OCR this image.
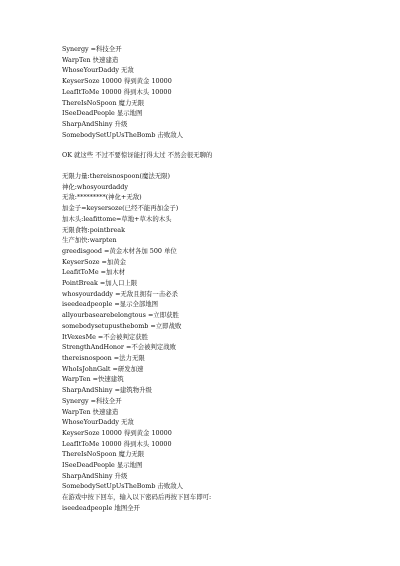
Synergy =科技全开
WarpTen 快速建造
WhoseYourDaddy 无敌
KeyserSoze 10000 得到黄金 10000
LeafItToMe 10000 得到木头 10000
ThereIsNoSpoon 魔力无限
ISeeDeadPeople 显示地图
SharpAndShiny 升级
SomebodySetUpUsTheBomb 击败敌人
OK 就这些 不过不要惊讶能打得太过 不然会很无聊的
无限力量:thereisnospoon(魔法无限)
神化:whosyourdaddy
无敌:*********(神化+无敌)
加金子=keysersoze(已经不能再加金子)
加木头:leafittome=草地+草木的木头
无限食物:pointbreak
生产加快:warpten
greedisgood =黄金木材各加 500 单位
KeyserSoze =加黄金
LeafitToMe =加木材
PointBreak =加人口上限
whosyourdaddy =无敌且拥有一击必杀
iseedeadpeople =显示全部地图
allyourbasearebelongtous =立即获胜
somebodysetupusthebomb =立即战败
ItVexesMe =不会被判定获胜
StrengthAndHonor =不会被判定战败
thereisnospoon =法力无限
WhoIsJohnGalt =研发加速
WarpTen =快速建筑
SharpAndShiny =建筑物升级
Synergy =科技全开
WarpTen 快速建造
WhoseYourDaddy 无敌
KeyserSoze 10000 得到黄金 10000
LeafItToMe 10000 得到木头 10000
ThereIsNoSpoon 魔力无限
ISeeDeadPeople 显示地图
SharpAndShiny 升级
SomebodySetUpUsTheBomb 击败敌人
在游戏中按下回车，输入以下密码后再按下回车即可:
iseedeadpeople 地图全开
